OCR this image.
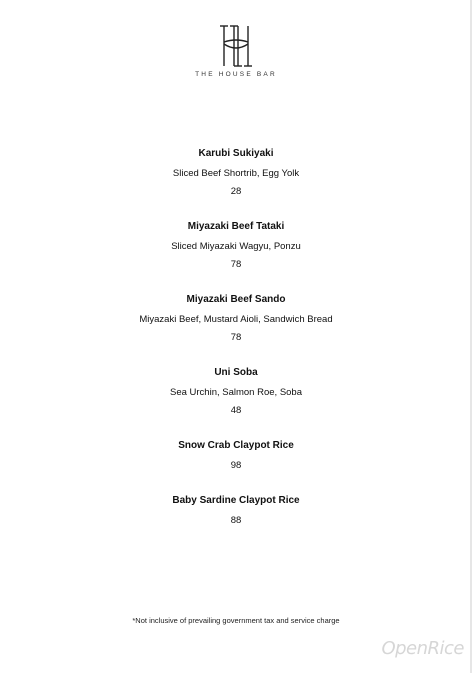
THE HOUSE BAR
Karubi Sukiyaki
Sliced Beef Shortrib, Egg Yolk
28
Miyazaki Beef Tataki
Sliced Miyazaki Wagyu, Ponzu
78
Miyazaki Beef Sando
Miyazaki Beef, Mustard Aioli, Sandwich Bread
78
Uni Soba
Sea Urchin, Salmon Roe, Soba
48
Snow Crab Claypot Rice
98
Baby Sardine Claypot Rice
88
*Not inclusive of prevailing government tax and service charge
OpenRice
